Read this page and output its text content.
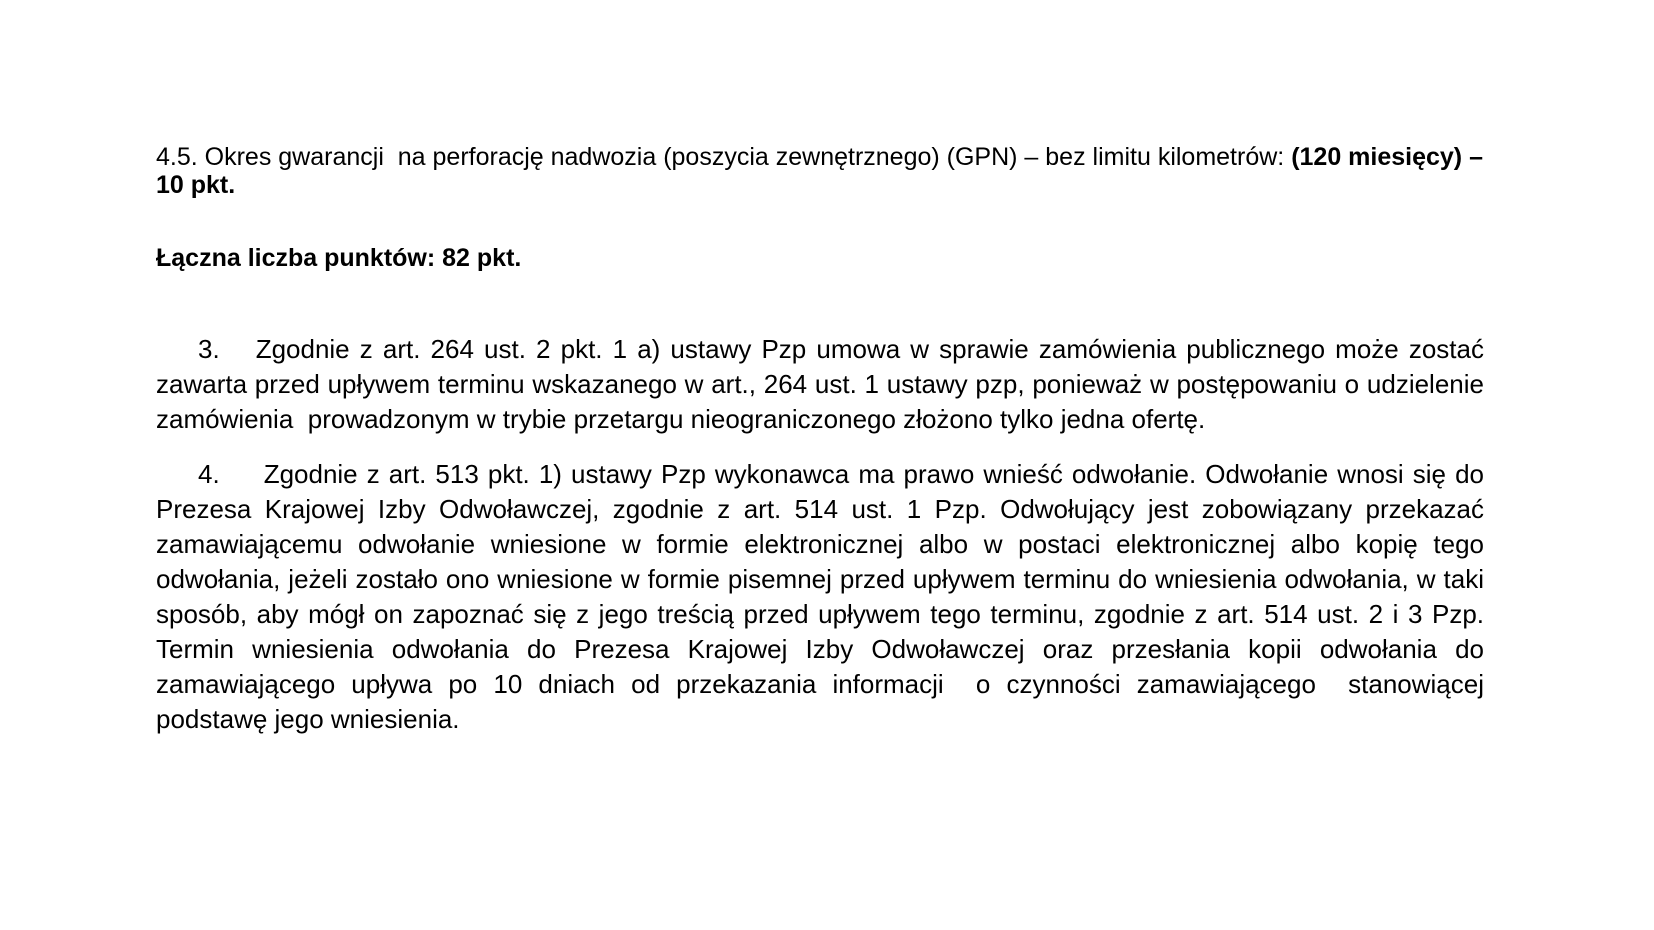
4.5. Okres gwarancji  na perforację nadwozia (poszycia zewnętrznego) (GPN) – bez limitu kilometrów: (120 miesięcy) – 10 pkt.

Łączna liczba punktów: 82 pkt.

3. Zgodnie z art. 264 ust. 2 pkt. 1 a) ustawy Pzp umowa w sprawie zamówienia publicznego może zostać zawarta przed upływem terminu wskazanego w art., 264 ust. 1 ustawy pzp, ponieważ w postępowaniu o udzielenie zamówienia  prowadzonym w trybie przetargu nieograniczonego złożono tylko jedna ofertę.

4. Zgodnie z art. 513 pkt. 1) ustawy Pzp wykonawca ma prawo wnieść odwołanie. Odwołanie wnosi się do Prezesa Krajowej Izby Odwoławczej, zgodnie z art. 514 ust. 1 Pzp. Odwołujący jest zobowiązany przekazać zamawiającemu odwołanie wniesione w formie elektronicznej albo w postaci elektronicznej albo kopię tego odwołania, jeżeli zostało ono wniesione w formie pisemnej przed upływem terminu do wniesienia odwołania, w taki sposób, aby mógł on zapoznać się z jego treścią przed upływem tego terminu, zgodnie z art. 514 ust. 2 i 3 Pzp. Termin wniesienia odwołania do Prezesa Krajowej Izby Odwoławczej oraz przesłania kopii odwołania do zamawiającego upływa po 10 dniach od przekazania informacji  o czynności zamawiającego  stanowiącej podstawę jego wniesienia.
